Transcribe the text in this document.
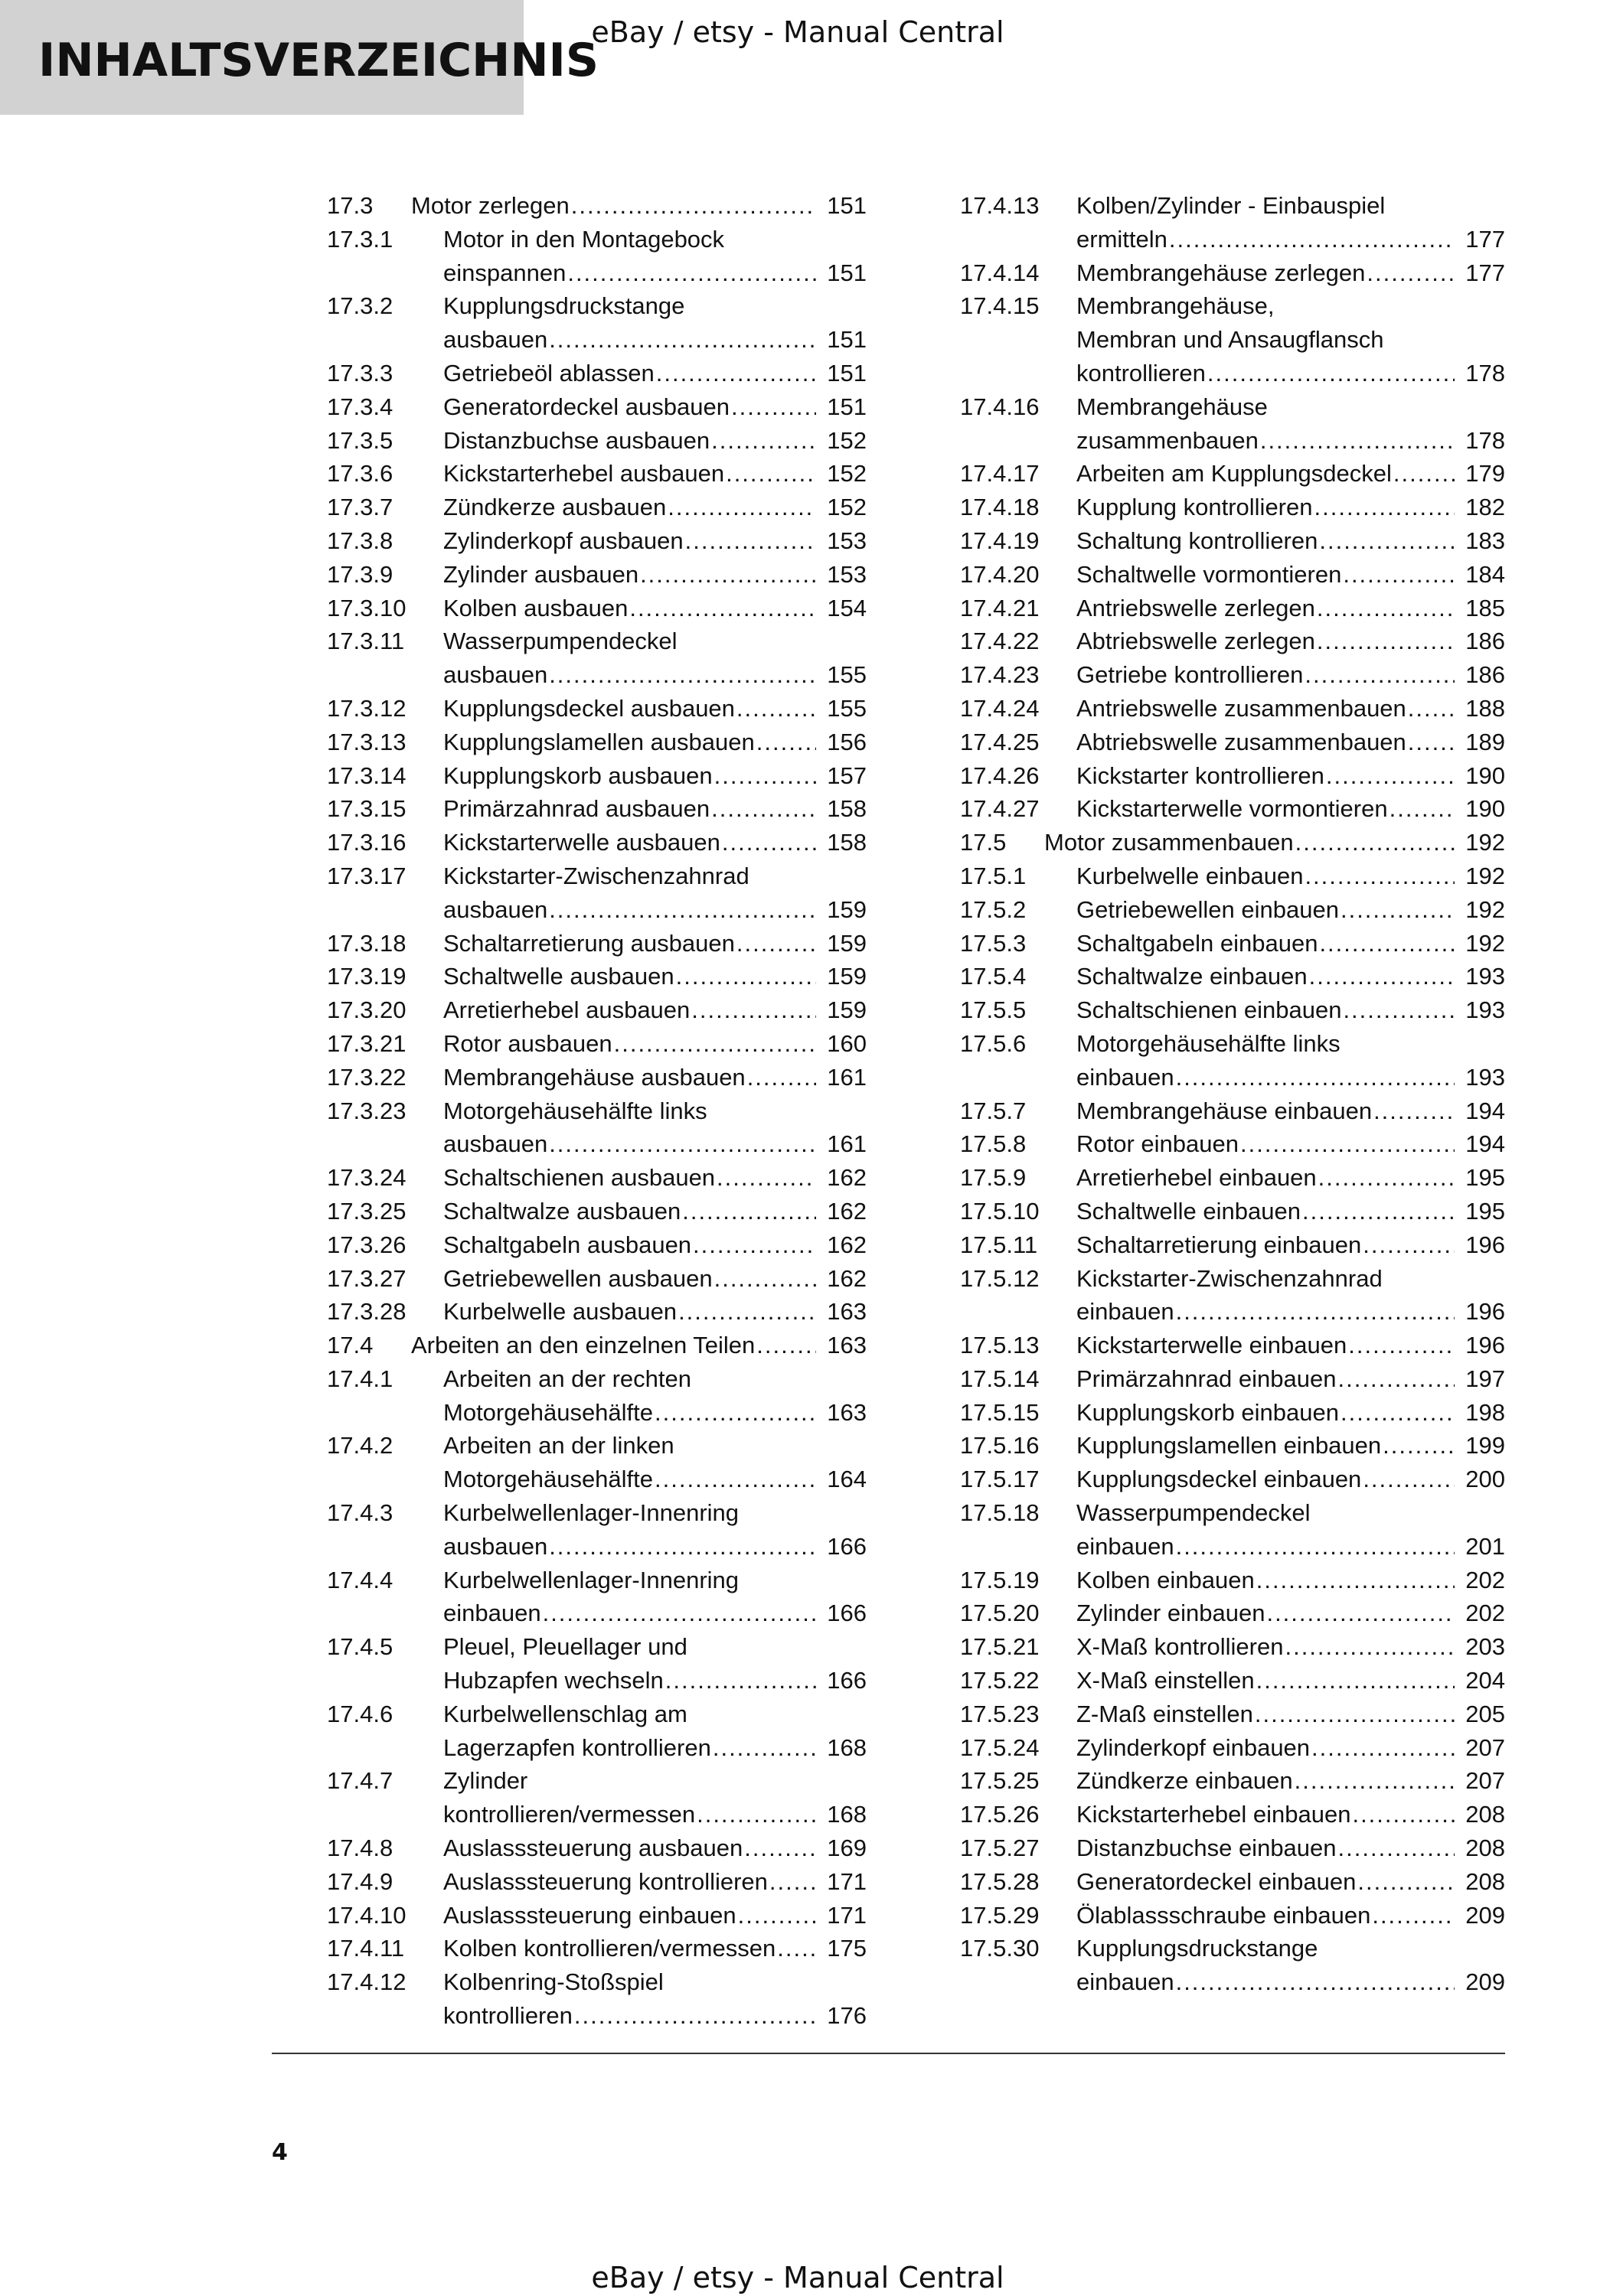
INHALTSVERZEICHNIS
eBay / etsy - Manual Central
17.3 Motor zerlegen .....	151
17.3.1 Motor in den Montagebock
einspannen .....	151
17.3.2 Kupplungsdruckstange
ausbauen .....	151
17.3.3 Getriebeöl ablassen .....	151
17.3.4 Generatordeckel ausbauen .....	151
17.3.5 Distanzbuchse ausbauen .....	152
17.3.6 Kickstarterhebel ausbauen .....	152
17.3.7 Zündkerze ausbauen .....	152
17.3.8 Zylinderkopf ausbauen .....	153
17.3.9 Zylinder ausbauen .....	153
17.3.10 Kolben ausbauen .....	154
17.3.11 Wasserpumpendeckel
ausbauen .....	155
17.3.12 Kupplungsdeckel ausbauen .....	155
17.3.13 Kupplungslamellen ausbauen .....	156
17.3.14 Kupplungskorb ausbauen .....	157
17.3.15 Primärzahnrad ausbauen .....	158
17.3.16 Kickstarterwelle ausbauen .....	158
17.3.17 Kickstarter-Zwischenzahnrad
ausbauen .....	159
17.3.18 Schaltarretierung ausbauen .....	159
17.3.19 Schaltwelle ausbauen .....	159
17.3.20 Arretierhebel ausbauen .....	159
17.3.21 Rotor ausbauen .....	160
17.3.22 Membrangehäuse ausbauen .....	161
17.3.23 Motorgehäusehälfte links
ausbauen .....	161
17.3.24 Schaltschienen ausbauen .....	162
17.3.25 Schaltwalze ausbauen .....	162
17.3.26 Schaltgabeln ausbauen .....	162
17.3.27 Getriebewellen ausbauen .....	162
17.3.28 Kurbelwelle ausbauen .....	163
17.4 Arbeiten an den einzelnen Teilen .....	163
17.4.1 Arbeiten an der rechten
Motorgehäusehälfte .....	163
17.4.2 Arbeiten an der linken
Motorgehäusehälfte .....	164
17.4.3 Kurbelwellenlager-Innenring
ausbauen .....	166
17.4.4 Kurbelwellenlager-Innenring
einbauen .....	166
17.4.5 Pleuel, Pleuellager und
Hubzapfen wechseln .....	166
17.4.6 Kurbelwellenschlag am
Lagerzapfen kontrollieren .....	168
17.4.7 Zylinder
kontrollieren/vermessen .....	168
17.4.8 Auslasssteuerung ausbauen .....	169
17.4.9 Auslasssteuerung kontrollieren .....	171
17.4.10 Auslasssteuerung einbauen .....	171
17.4.11 Kolben kontrollieren/vermessen .....	175
17.4.12 Kolbenring-Stoßspiel
kontrollieren .....	176
17.4.13 Kolben/Zylinder - Einbauspiel
ermitteln .....	177
17.4.14 Membrangehäuse zerlegen .....	177
17.4.15 Membrangehäuse,
Membran und Ansaugflansch
kontrollieren .....	178
17.4.16 Membrangehäuse
zusammenbauen .....	178
17.4.17 Arbeiten am Kupplungsdeckel .....	179
17.4.18 Kupplung kontrollieren .....	182
17.4.19 Schaltung kontrollieren .....	183
17.4.20 Schaltwelle vormontieren .....	184
17.4.21 Antriebswelle zerlegen .....	185
17.4.22 Abtriebswelle zerlegen .....	186
17.4.23 Getriebe kontrollieren .....	186
17.4.24 Antriebswelle zusammenbauen .....	188
17.4.25 Abtriebswelle zusammenbauen .....	189
17.4.26 Kickstarter kontrollieren .....	190
17.4.27 Kickstarterwelle vormontieren .....	190
17.5 Motor zusammenbauen .....	192
17.5.1 Kurbelwelle einbauen .....	192
17.5.2 Getriebewellen einbauen .....	192
17.5.3 Schaltgabeln einbauen .....	192
17.5.4 Schaltwalze einbauen .....	193
17.5.5 Schaltschienen einbauen .....	193
17.5.6 Motorgehäusehälfte links
einbauen .....	193
17.5.7 Membrangehäuse einbauen .....	194
17.5.8 Rotor einbauen .....	194
17.5.9 Arretierhebel einbauen .....	195
17.5.10 Schaltwelle einbauen .....	195
17.5.11 Schaltarretierung einbauen .....	196
17.5.12 Kickstarter-Zwischenzahnrad
einbauen .....	196
17.5.13 Kickstarterwelle einbauen .....	196
17.5.14 Primärzahnrad einbauen .....	197
17.5.15 Kupplungskorb einbauen .....	198
17.5.16 Kupplungslamellen einbauen .....	199
17.5.17 Kupplungsdeckel einbauen .....	200
17.5.18 Wasserpumpendeckel
einbauen .....	201
17.5.19 Kolben einbauen .....	202
17.5.20 Zylinder einbauen .....	202
17.5.21 X-Maß kontrollieren .....	203
17.5.22 X-Maß einstellen .....	204
17.5.23 Z-Maß einstellen .....	205
17.5.24 Zylinderkopf einbauen .....	207
17.5.25 Zündkerze einbauen .....	207
17.5.26 Kickstarterhebel einbauen .....	208
17.5.27 Distanzbuchse einbauen .....	208
17.5.28 Generatordeckel einbauen .....	208
17.5.29 Ölablassschraube einbauen .....	209
17.5.30 Kupplungsdruckstange
einbauen .....	209
4
eBay / etsy - Manual Central
